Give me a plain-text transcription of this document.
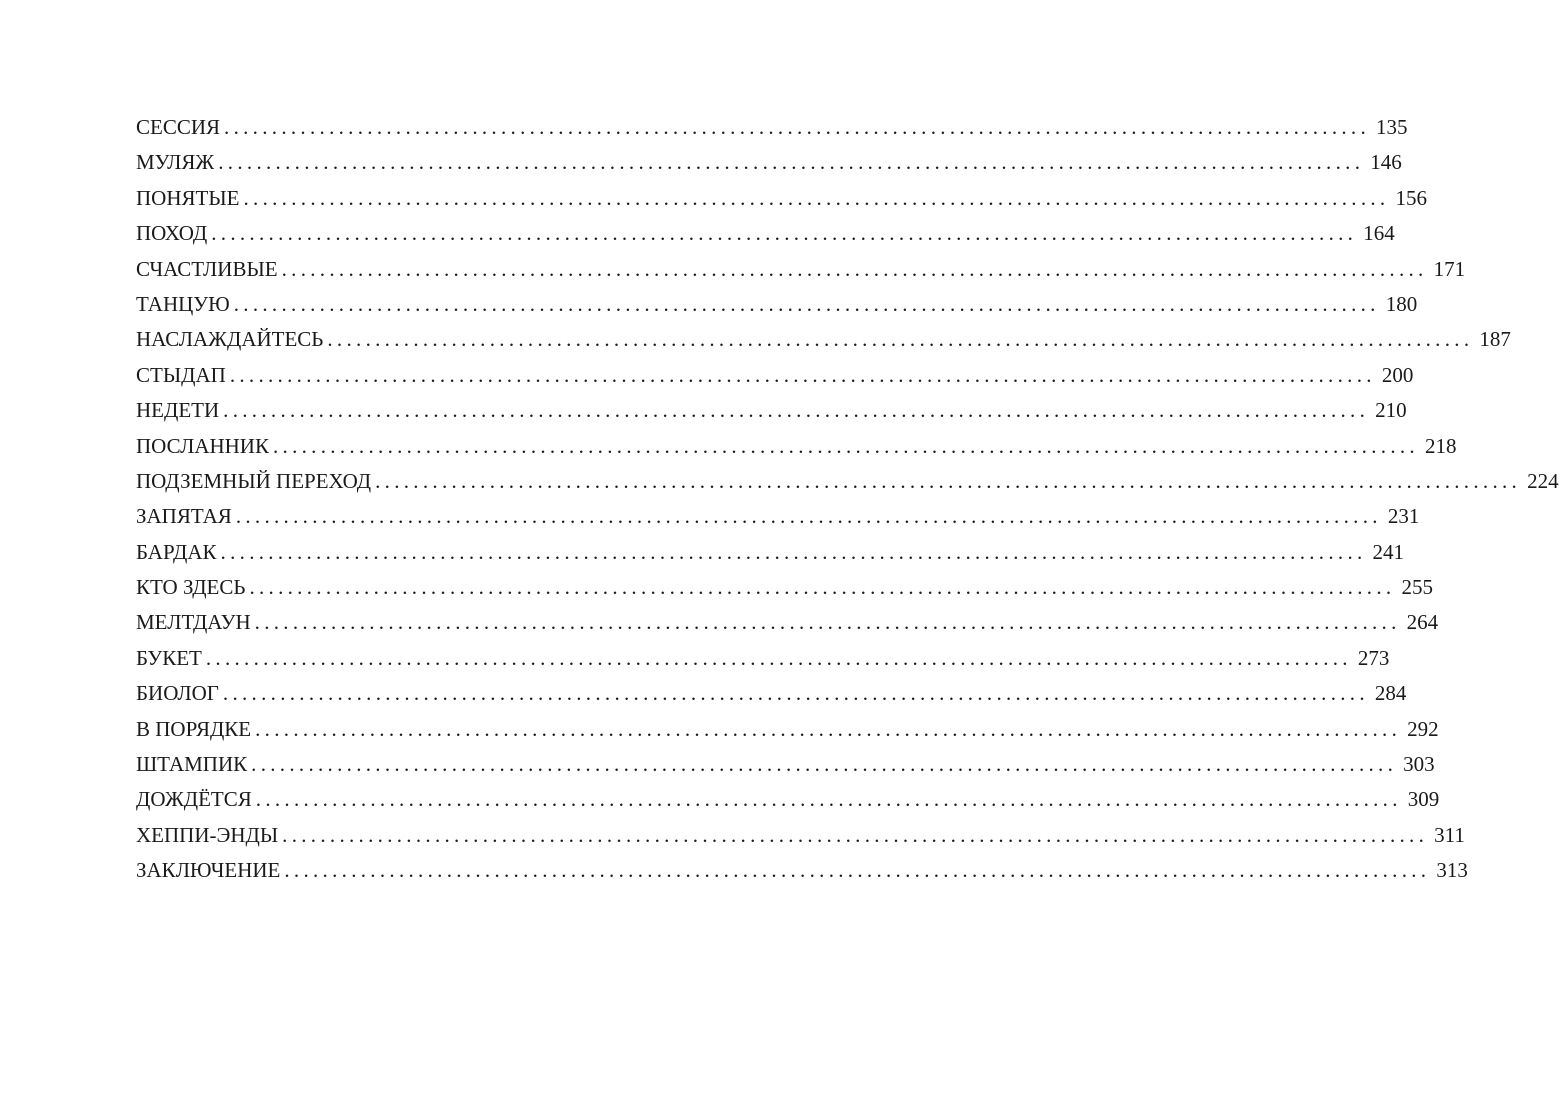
СЕССИЯ ........................................................................................................................ 135
МУЛЯЖ ........................................................................................................................ 146
ПОНЯТЫЕ ........................................................................................................................ 156
ПОХОД ........................................................................................................................ 164
СЧАСТЛИВЫЕ ........................................................................................................................ 171
ТАНЦУЮ ........................................................................................................................ 180
НАСЛАЖДАЙТЕСЬ ........................................................................................................................ 187
СТЫДАП ........................................................................................................................ 200
НЕДЕТИ ........................................................................................................................ 210
ПОСЛАННИК ........................................................................................................................ 218
ПОДЗЕМНЫЙ ПЕРЕХОД ........................................................................................................................ 224
ЗАПЯТАЯ ........................................................................................................................ 231
БАРДАК ........................................................................................................................ 241
КТО ЗДЕСЬ ........................................................................................................................ 255
МЕЛТДАУН ........................................................................................................................ 264
БУКЕТ ........................................................................................................................ 273
БИОЛОГ ........................................................................................................................ 284
В ПОРЯДКЕ ........................................................................................................................ 292
ШТАМПИК ........................................................................................................................ 303
ДОЖДЁТСЯ ........................................................................................................................ 309
ХЕППИ-ЭНДЫ ........................................................................................................................ 311
ЗАКЛЮЧЕНИЕ ........................................................................................................................ 313
